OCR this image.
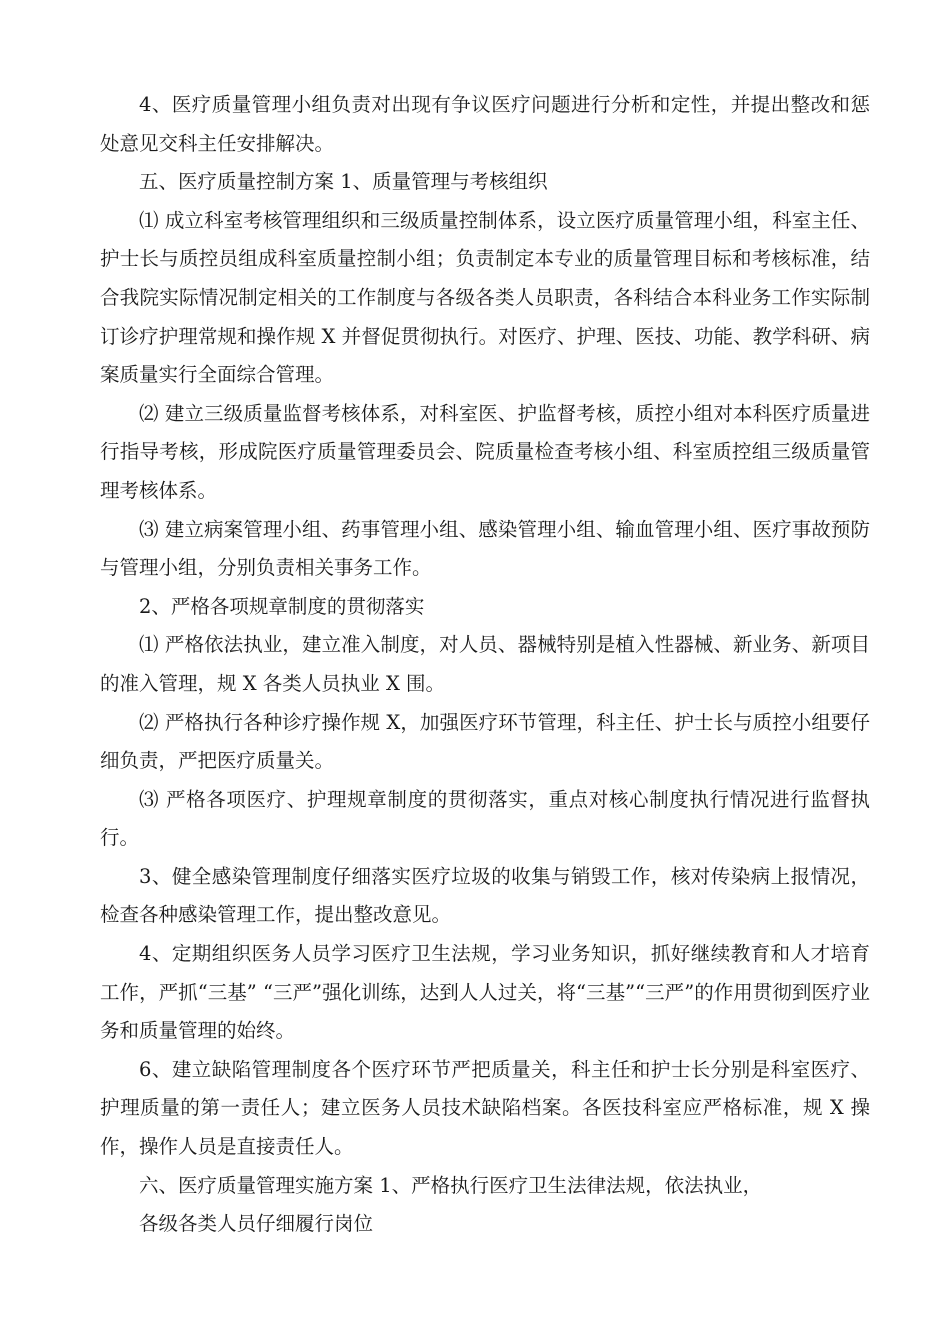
4、医疗质量管理小组负责对出现有争议医疗问题进行分析和定性，并提出整改和惩处意见交科主任安排解决。

五、医疗质量控制方案 1、质量管理与考核组织

⑴ 成立科室考核管理组织和三级质量控制体系，设立医疗质量管理小组，科室主任、护士长与质控员组成科室质量控制小组；负责制定本专业的质量管理目标和考核标准，结合我院实际情况制定相关的工作制度与各级各类人员职责，各科结合本科业务工作实际制订诊疗护理常规和操作规 X 并督促贯彻执行。对医疗、护理、医技、功能、教学科研、病案质量实行全面综合管理。

⑵ 建立三级质量监督考核体系，对科室医、护监督考核，质控小组对本科医疗质量进行指导考核，形成院医疗质量管理委员会、院质量检查考核小组、科室质控组三级质量管理考核体系。

⑶ 建立病案管理小组、药事管理小组、感染管理小组、输血管理小组、医疗事故预防与管理小组，分别负责相关事务工作。

2、严格各项规章制度的贯彻落实

⑴ 严格依法执业，建立准入制度，对人员、器械特别是植入性器械、新业务、新项目的准入管理，规 X 各类人员执业 X 围。

⑵ 严格执行各种诊疗操作规 X，加强医疗环节管理，科主任、护士长与质控小组要仔细负责，严把医疗质量关。

⑶ 严格各项医疗、护理规章制度的贯彻落实，重点对核心制度执行情况进行监督执行。

3、健全感染管理制度仔细落实医疗垃圾的收集与销毁工作，核对传染病上报情况，检查各种感染管理工作，提出整改意见。

4、定期组织医务人员学习医疗卫生法规，学习业务知识，抓好继续教育和人才培育工作，严抓“三基” “三严”强化训练，达到人人过关，将“三基”“三严”的作用贯彻到医疗业务和质量管理的始终。

6、建立缺陷管理制度各个医疗环节严把质量关，科主任和护士长分别是科室医疗、护理质量的第一责任人；建立医务人员技术缺陷档案。各医技科室应严格标准，规 X 操作，操作人员是直接责任人。

六、医疗质量管理实施方案 1、严格执行医疗卫生法律法规，依法执业，

各级各类人员仔细履行岗位
